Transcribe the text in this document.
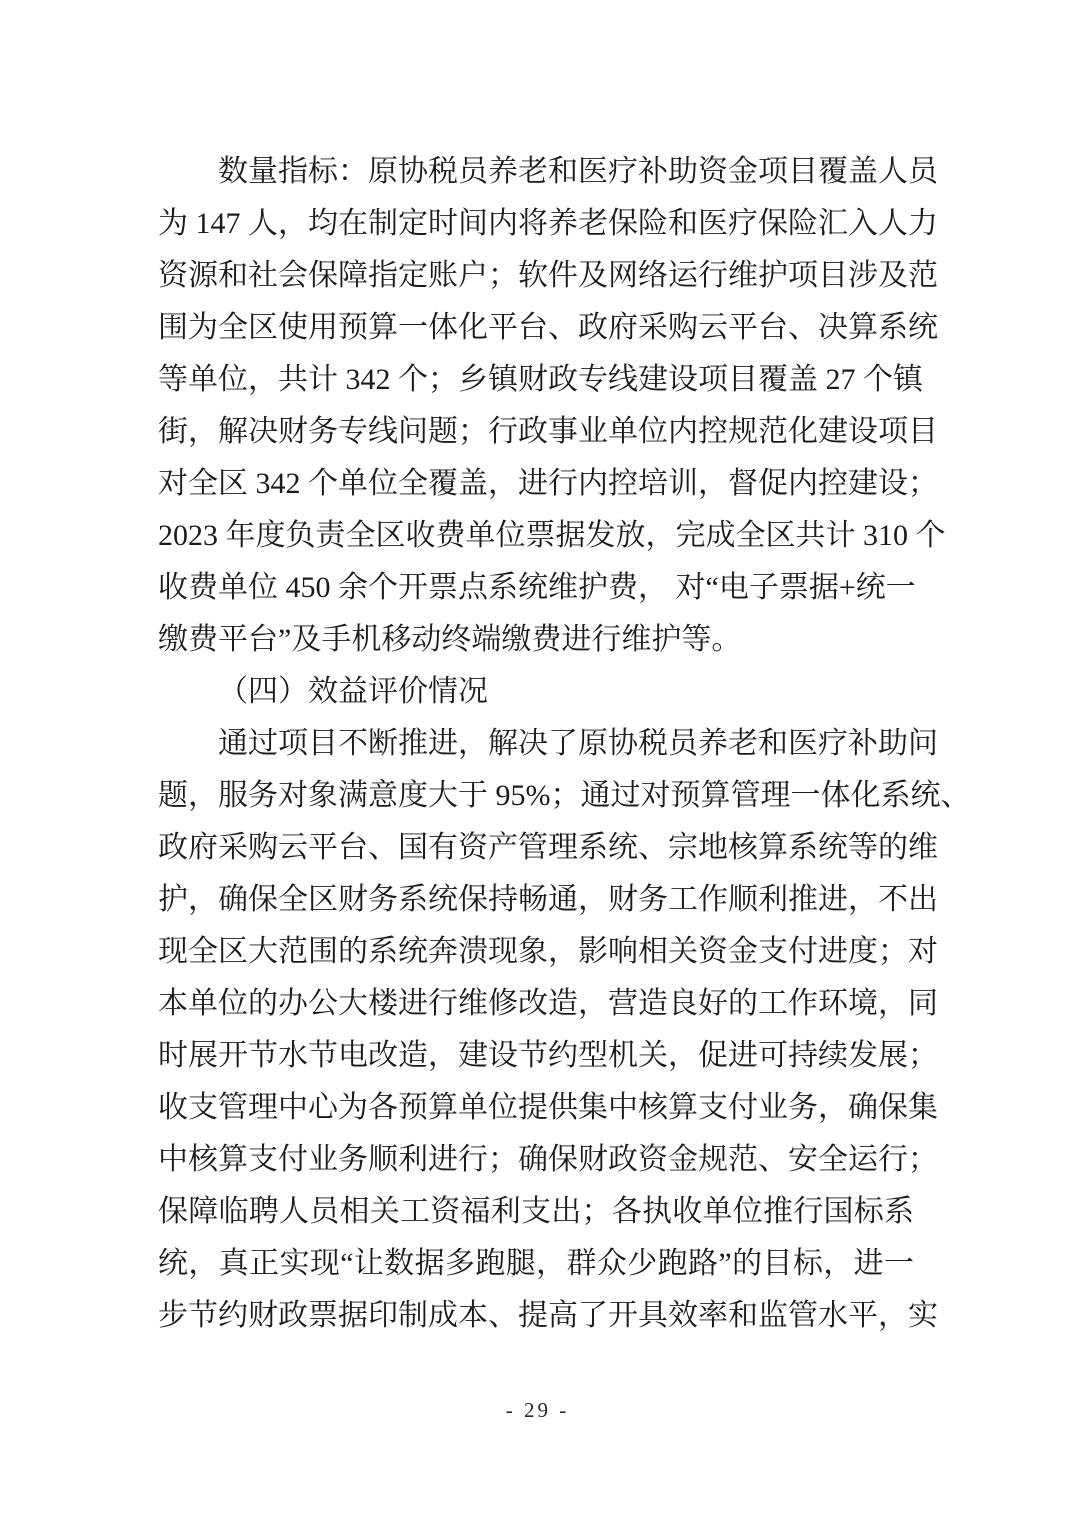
数量指标：原协税员养老和医疗补助资金项目覆盖人员
为 147 人，均在制定时间内将养老保险和医疗保险汇入人力
资源和社会保障指定账户；软件及网络运行维护项目涉及范
围为全区使用预算一体化平台、政府采购云平台、决算系统
等单位，共计 342 个；乡镇财政专线建设项目覆盖 27 个镇
街，解决财务专线问题；行政事业单位内控规范化建设项目
对全区 342 个单位全覆盖，进行内控培训，督促内控建设；
2023 年度负责全区收费单位票据发放，完成全区共计 310 个
收费单位 450 余个开票点系统维护费， 对“电子票据+统一
缴费平台”及手机移动终端缴费进行维护等。
（四）效益评价情况
通过项目不断推进，解决了原协税员养老和医疗补助问
题，服务对象满意度大于 95%；通过对预算管理一体化系统、
政府采购云平台、国有资产管理系统、宗地核算系统等的维
护，确保全区财务系统保持畅通，财务工作顺利推进，不出
现全区大范围的系统奔溃现象，影响相关资金支付进度；对
本单位的办公大楼进行维修改造，营造良好的工作环境，同
时展开节水节电改造，建设节约型机关，促进可持续发展；
收支管理中心为各预算单位提供集中核算支付业务，确保集
中核算支付业务顺利进行；确保财政资金规范、安全运行；
保障临聘人员相关工资福利支出；各执收单位推行国标系
统，真正实现“让数据多跑腿，群众少跑路”的目标，进一
步节约财政票据印制成本、提高了开具效率和监管水平，实
- 29 -
